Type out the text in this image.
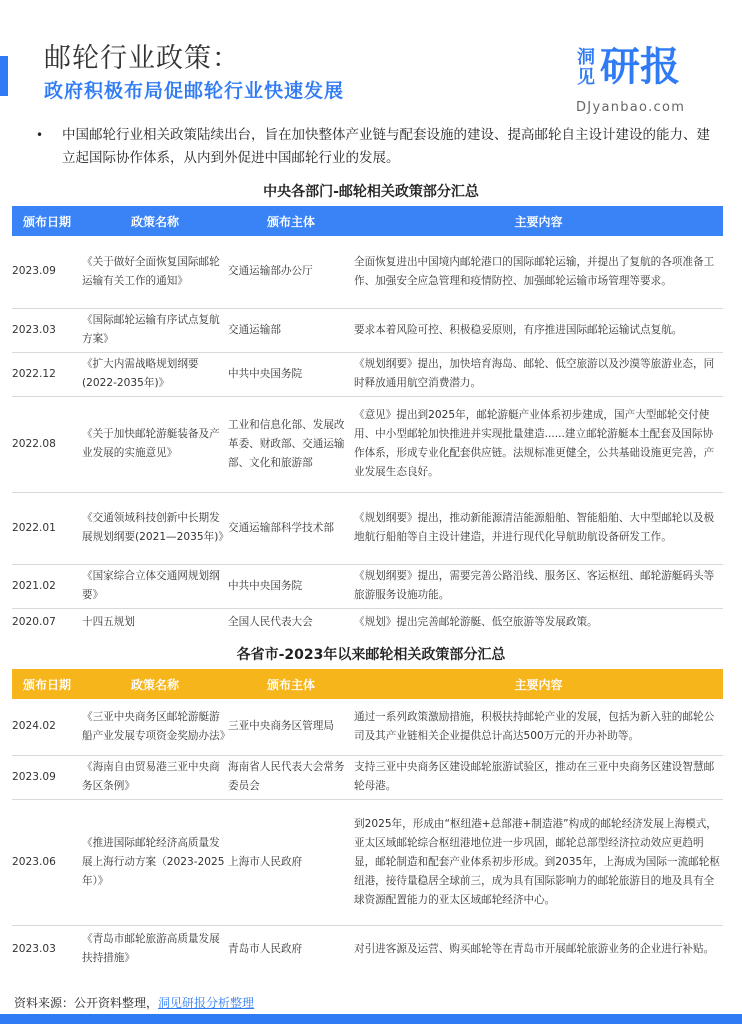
邮轮行业政策：
政府积极布局促邮轮行业快速发展
洞见 研报
DJyanbao.com
•	中国邮轮行业相关政策陆续出台，旨在加快整体产业链与配套设施的建设、提高邮轮自主设计建设的能力、建立起国际协作体系，从内到外促进中国邮轮行业的发展。
中央各部门-邮轮相关政策部分汇总
颁布日期	政策名称	颁布主体	主要内容
2023.09	《关于做好全面恢复国际邮轮运输有关工作的通知》	交通运输部办公厅	全面恢复进出中国境内邮轮港口的国际邮轮运输，并提出了复航的各项准备工作、加强安全应急管理和疫情防控、加强邮轮运输市场管理等要求。
2023.03	《国际邮轮运输有序试点复航方案》	交通运输部	要求本着风险可控、积极稳妥原则，有序推进国际邮轮运输试点复航。
2022.12	《扩大内需战略规划纲要(2022-2035年)》	中共中央国务院	《规划纲要》提出，加快培育海岛、邮轮、低空旅游以及沙漠等旅游业态，同时释放通用航空消费潜力。
2022.08	《关于加快邮轮游艇装备及产业发展的实施意见》	工业和信息化部、发展改革委、财政部、交通运输部、文化和旅游部	《意见》提出到2025年，邮轮游艇产业体系初步建成，国产大型邮轮交付使用、中小型邮轮加快推进并实现批量建造......建立邮轮游艇本土配套及国际协作体系，形成专业化配套供应链。法规标准更健全，公共基础设施更完善，产业发展生态良好。
2022.01	《交通领域科技创新中长期发展规划纲要(2021—2035年)》	交通运输部科学技术部	《规划纲要》提出，推动新能源清洁能源船舶、智能船舶、大中型邮轮以及极地航行船舶等自主设计建造，并进行现代化导航助航设备研发工作。
2021.02	《国家综合立体交通网规划纲要》	中共中央国务院	《规划纲要》提出，需要完善公路沿线、服务区、客运枢纽、邮轮游艇码头等旅游服务设施功能。
2020.07	十四五规划	全国人民代表大会	《规划》提出完善邮轮游艇、低空旅游等发展政策。
各省市-2023年以来邮轮相关政策部分汇总
颁布日期	政策名称	颁布主体	主要内容
2024.02	《三亚中央商务区邮轮游艇游船产业发展专项资金奖励办法》	三亚中央商务区管理局	通过一系列政策激励措施，积极扶持邮轮产业的发展，包括为新入驻的邮轮公司及其产业链相关企业提供总计高达500万元的开办补助等。
2023.09	《海南自由贸易港三亚中央商务区条例》	海南省人民代表大会常务委员会	支持三亚中央商务区建设邮轮旅游试验区，推动在三亚中央商务区建设智慧邮轮母港。
2023.06	《推进国际邮轮经济高质量发展上海行动方案（2023-2025年）》	上海市人民政府	到2025年，形成由“枢纽港+总部港+制造港”构成的邮轮经济发展上海模式，亚太区域邮轮综合枢纽港地位进一步巩固，邮轮总部型经济拉动效应更趋明显，邮轮制造和配套产业体系初步形成。到2035年，上海成为国际一流邮轮枢纽港，接待量稳居全球前三，成为具有国际影响力的邮轮旅游目的地及具有全球资源配置能力的亚太区域邮轮经济中心。
2023.03	《青岛市邮轮旅游高质量发展扶持措施》	青岛市人民政府	对引进客源及运营、购买邮轮等在青岛市开展邮轮旅游业务的企业进行补贴。
资料来源：公开资料整理，洞见研报分析整理
